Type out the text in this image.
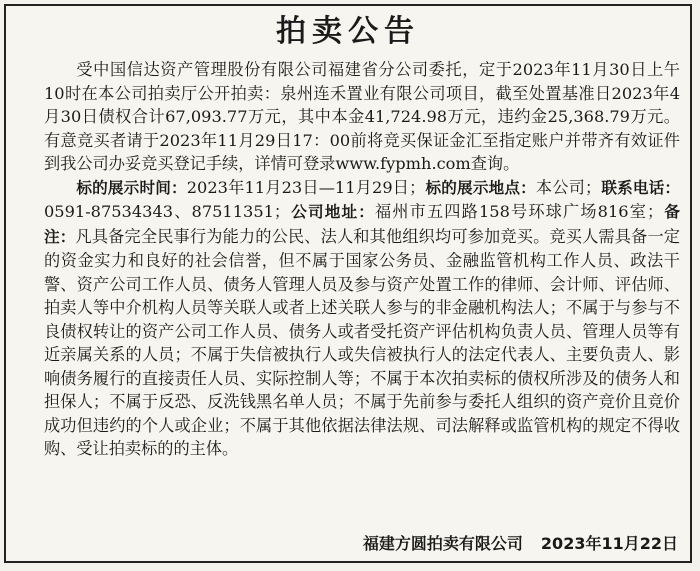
拍卖公告

受中国信达资产管理股份有限公司福建省分公司委托，定于2023年11月30日上午10时在本公司拍卖厅公开拍卖：泉州连禾置业有限公司项目，截至处置基准日2023年4月30日债权合计67,093.77万元，其中本金41,724.98万元，违约金25,368.79万元。有意竞买者请于2023年11月29日17：00前将竞买保证金汇至指定账户并带齐有效证件到我公司办妥竞买登记手续，详情可登录www.fypmh.com查询。

标的展示时间：2023年11月23日—11月29日；标的展示地点：本公司；联系电话：0591-87534343、87511351；公司地址：福州市五四路158号环球广场816室；备注：凡具备完全民事行为能力的公民、法人和其他组织均可参加竞买。竞买人需具备一定的资金实力和良好的社会信誉，但不属于国家公务员、金融监管机构工作人员、政法干警、资产公司工作人员、债务人管理人员及参与资产处置工作的律师、会计师、评估师、拍卖人等中介机构人员等关联人或者上述关联人参与的非金融机构法人；不属于与参与不良债权转让的资产公司工作人员、债务人或者受托资产评估机构负责人员、管理人员等有近亲属关系的人员；不属于失信被执行人或失信被执行人的法定代表人、主要负责人、影响债务履行的直接责任人员、实际控制人等；不属于本次拍卖标的债权所涉及的债务人和担保人；不属于反恐、反洗钱黑名单人员；不属于先前参与委托人组织的资产竞价且竞价成功但违约的个人或企业；不属于其他依据法律法规、司法解释或监管机构的规定不得收购、受让拍卖标的的主体。

福建方圆拍卖有限公司 2023年11月22日
